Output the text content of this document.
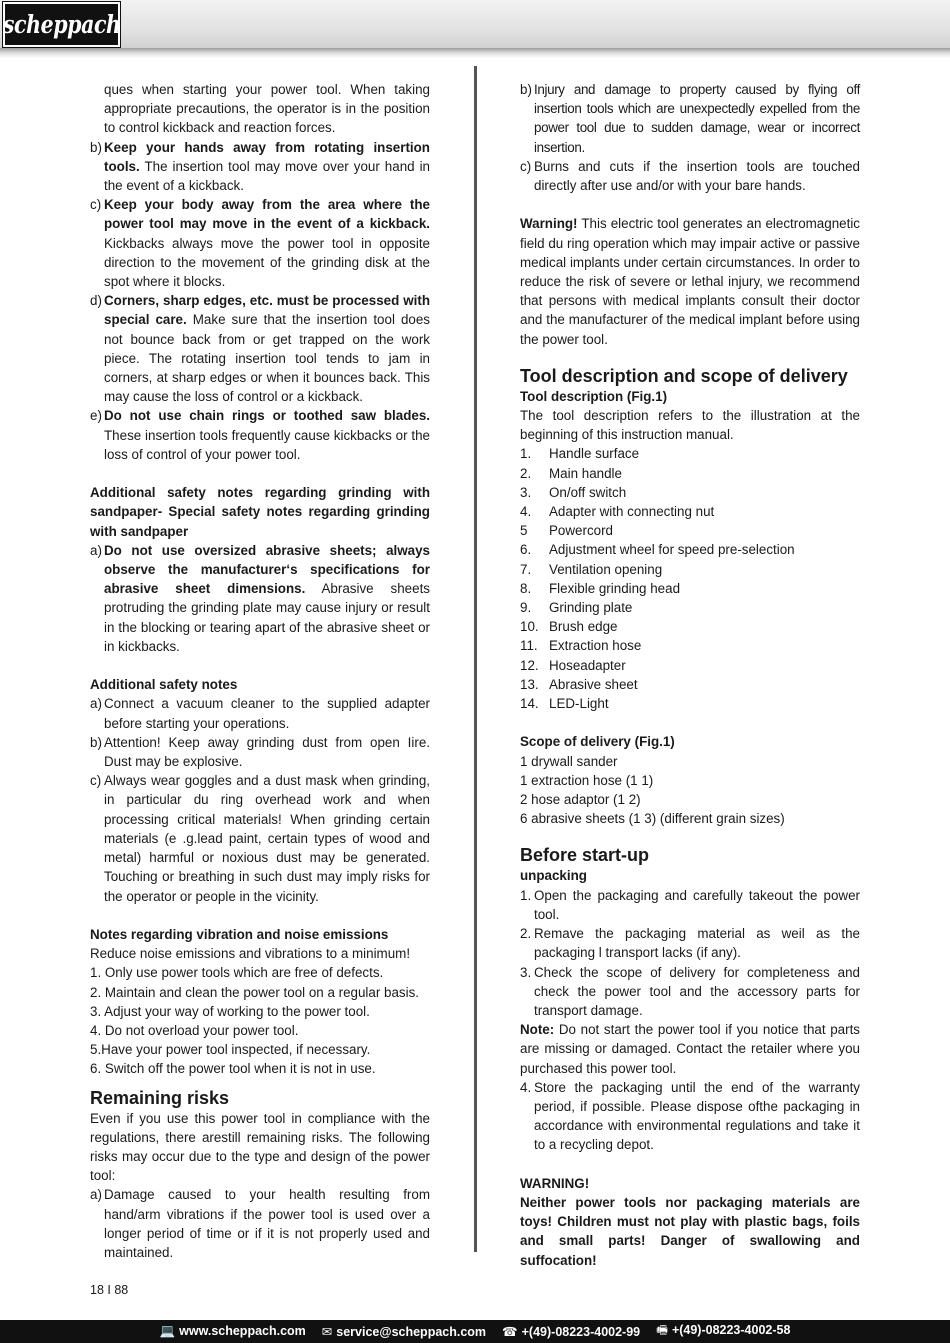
scheppach

ques when starting your power tool. When taking appropriate precautions, the operator is in the position to control kickback and reaction forces.

b) Keep your hands away from rotating insertion tools. The insertion tool may move over your hand in the event of a kickback.
c) Keep your body away from the area where the power tool may move in the event of a kickback. Kickbacks always move the power tool in opposite direction to the movement of the grinding disk at the spot where it blocks.
d) Corners, sharp edges, etc. must be processed with special care. Make sure that the insertion tool does not bounce back from or get trapped on the work piece. The rotating insertion tool tends to jam in corners, at sharp edges or when it bounces back. This may cause the loss of control or a kickback.
e) Do not use chain rings or toothed saw blades. These insertion tools frequently cause kickbacks or the loss of control of your power tool.

Additional safety notes regarding grinding with sandpaper- Special safety notes regarding grinding with sandpaper

a) Do not use oversized abrasive sheets; always observe the manufacturer‘s specifications for abrasive sheet dimensions. Abrasive sheets protruding the grinding plate may cause injury or result in the blocking or tearing apart of the abrasive sheet or in kickbacks.

Additional safety notes

a) Connect a vacuum cleaner to the supplied adapter before starting your operations.
b) Attention! Keep away grinding dust from open Iire. Dust may be explosive.
c) Always wear goggles and a dust mask when grinding, in particular du ring overhead work and when processing critical materials! When grinding certain materials (e .g.lead paint, certain types of wood and metal) harmful or noxious dust may be generated. Touching or breathing in such dust may imply risks for the operator or people in the vicinity.

Notes regarding vibration and noise emissions

Reduce noise emissions and vibrations to a minimum!

1. Only use power tools which are free of defects.
2. Maintain and clean the power tool on a regular basis.
3. Adjust your way of working to the power tool.
4. Do not overload your power tool.
5.Have your power tool inspected, if necessary.
6. Switch off the power tool when it is not in use.
Remaining risks

Even if you use this power tool in compliance with the regulations, there arestill remaining risks. The following risks may occur due to the type and design of the power tool:

a) Damage caused to your health resulting from hand/arm vibrations if the power tool is used over a longer period of time or if it is not properly used and maintained.
b) Injury and damage to property caused by flying off insertion tools which are unexpectedly expelled from the power tool due to sudden damage, wear or incorrect insertion.
c) Burns and cuts if the insertion tools are touched directly after use and/or with your bare hands.

Warning! This electric tool generates an electromagnetic field du ring operation which may impair active or passive medical implants under certain circumstances. In order to reduce the risk of severe or lethal injury, we recommend that persons with medical implants consult their doctor and the manufacturer of the medical implant before using the power tool.

Tool description and scope of delivery

Tool description (Fig.1)

The tool description refers to the illustration at the beginning of this instruction manual.

1.	Handle surface
2.	Main handle
3.	On/off switch
4.	Adapter with connecting nut
5	Powercord
6.	Adjustment wheel for speed pre-selection
7.	Ventilation opening
8.	Flexible grinding head
9.	Grinding plate
10. Brush edge
11. Extraction hose
12. Hoseadapter
13. Abrasive sheet
14. LED-Light

Scope of delivery (Fig.1)

1 drywall sander
1 extraction hose (1 1)
2 hose adaptor (1 2)
6 abrasive sheets (1 3) (different grain sizes)
Before start-up

unpacking

1. Open the packaging and carefully takeout the power tool.
2. Remave the packaging material as weil as the packaging l transport lacks (if any).
3. Check the scope of delivery for completeness and check the power tool and the accessory parts for transport damage.

Note: Do not start the power tool if you notice that parts are missing or damaged. Contact the retailer where you purchased this power tool.

4. Store the packaging until the end of the warranty period, if possible. Please dispose ofthe packaging in accordance with environmental regulations and take it to a recycling depot.

WARNING!

Neither power tools nor packaging materials are toys! Children must not play with plastic bags, foils and small parts! Danger of swallowing and suffocation!

18 I 88
💻 www.scheppach.com ✉ service@scheppach.com ☎ +(49)-08223-4002-99 🖷 +(49)-08223-4002-58
